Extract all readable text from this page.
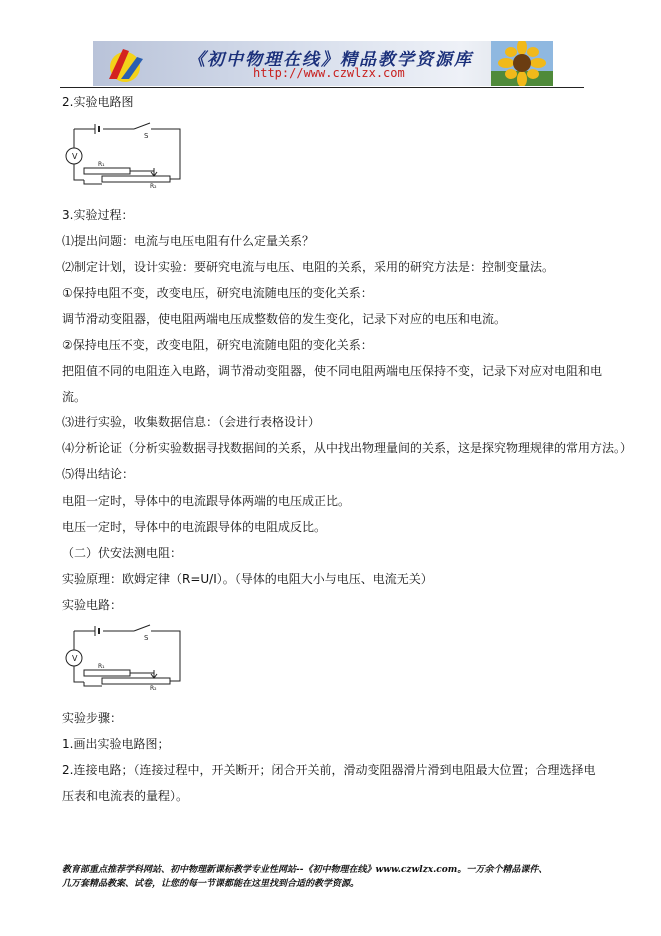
《初中物理在线》精品教学资源库
http://www.czwlzx.com
2.实验电路图
S
V
R₁
R₂
3.实验过程：
⑴提出问题：电流与电压电阻有什么定量关系？
⑵制定计划，设计实验：要研究电流与电压、电阻的关系，采用的研究方法是：控制变量法。
①保持电阻不变，改变电压，研究电流随电压的变化关系：
调节滑动变阻器，使电阻两端电压成整数倍的发生变化，记录下对应的电压和电流。
②保持电压不变，改变电阻，研究电流随电阻的变化关系：
把阻值不同的电阻连入电路，调节滑动变阻器，使不同电阻两端电压保持不变，记录下对应对电阻和电
流。
⑶进行实验，收集数据信息：（会进行表格设计）
⑷分析论证（分析实验数据寻找数据间的关系，从中找出物理量间的关系，这是探究物理规律的常用方法。）
⑸得出结论：
电阻一定时，导体中的电流跟导体两端的电压成正比。
电压一定时，导体中的电流跟导体的电阻成反比。
（二）伏安法测电阻：
实验原理：欧姆定律（R=U/I）。（导体的电阻大小与电压、电流无关）
实验电路：
S
V
R₁
R₂
实验步骤：
1.画出实验电路图；
2.连接电路；（连接过程中，开关断开；闭合开关前，滑动变阻器滑片滑到电阻最大位置；合理选择电
压表和电流表的量程）。
教育部重点推荐学科网站、初中物理新课标教学专业性网站--《初中物理在线》www.czwlzx.com。一万余个精品课件、
几万套精品教案、试卷，让您的每一节课都能在这里找到合适的教学资源。
